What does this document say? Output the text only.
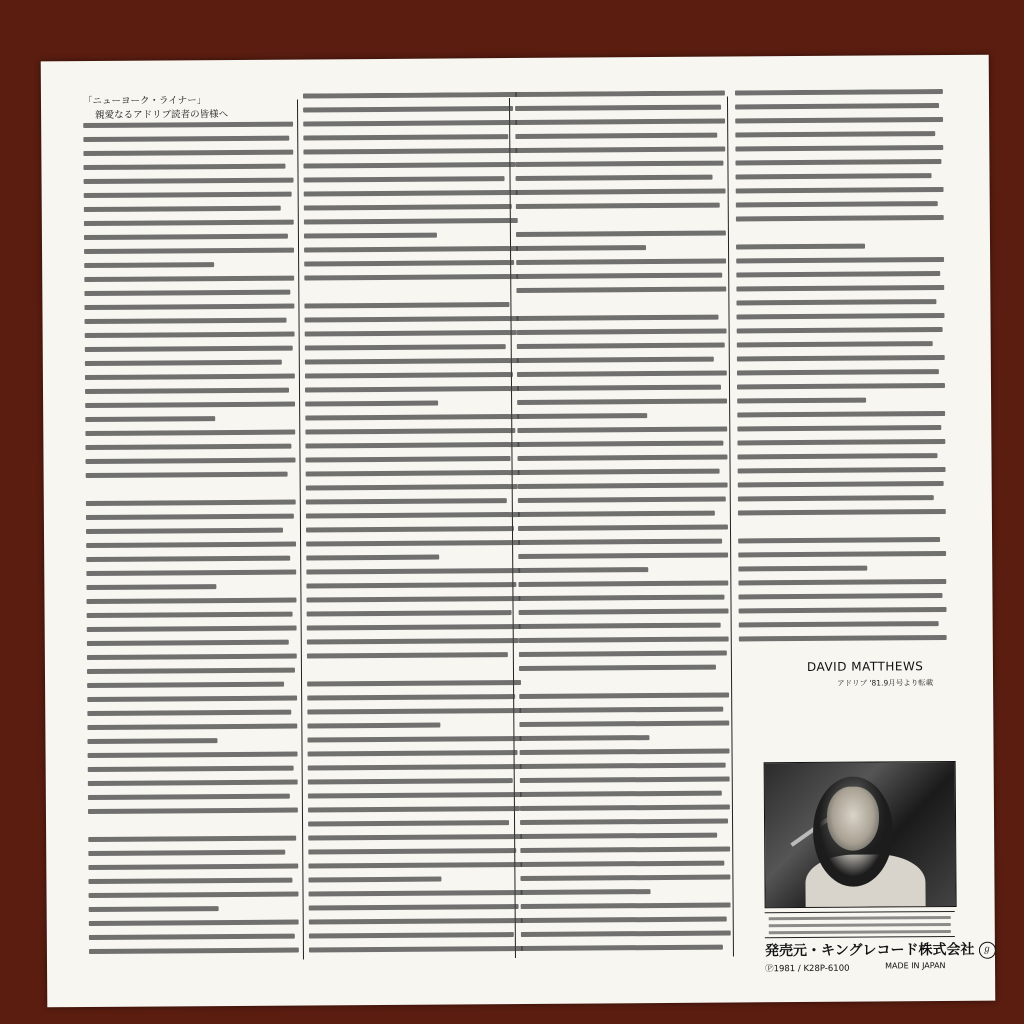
「ニューヨーク・ライナー」
親愛なるアドリブ読者の皆様へ
DAVID MATTHEWS
アドリブ '81.9月号より転載
発売元・キングレコード株式会社 ℊ
Ⓟ1981 / K28P-6100	MADE IN JAPAN
